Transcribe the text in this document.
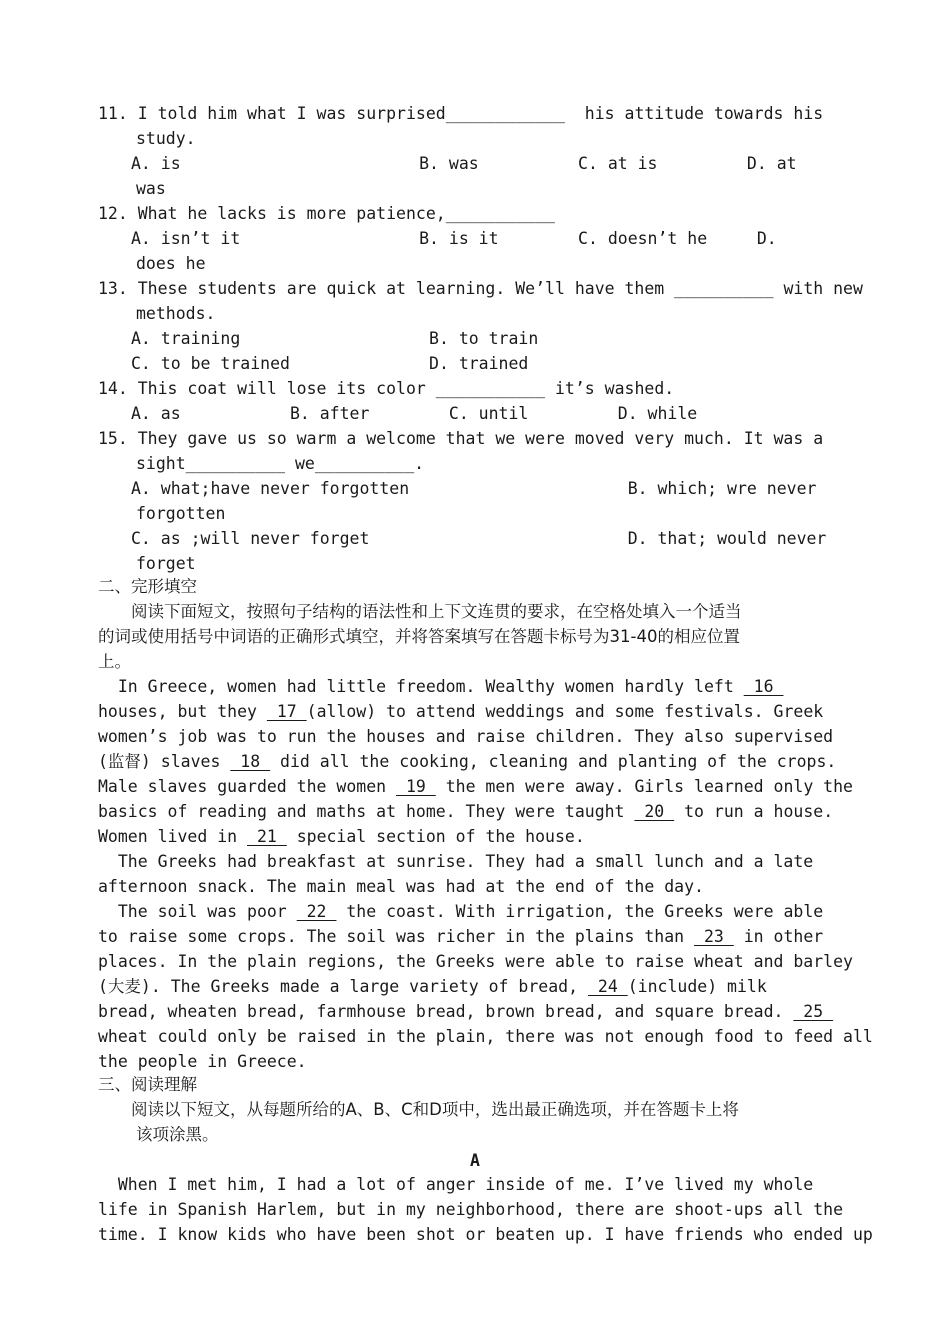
11. I told him what I was surprised____________  his attitude towards his
study.
A. is                        B. was          C. at is         D. at
was
12. What he lacks is more patience,___________
A. isn’t it                  B. is it        C. doesn’t he     D.
does he
13. These students are quick at learning. We’ll have them __________ with new
methods.
A. training                   B. to train
C. to be trained              D. trained
14. This coat will lose its color ___________ it’s washed.
A. as           B. after        C. until         D. while
15. They gave us so warm a welcome that we were moved very much. It was a
sight__________ we__________.
A. what;have never forgotten                      B. which; wre never
forgotten
C. as ;will never forget                          D. that; would never
forget
二、完形填空
阅读下面短文，按照句子结构的语法性和上下文连贯的要求，在空格处填入一个适当
的词或使用括号中词语的正确形式填空，并将答案填写在答题卡标号为31-40的相应位置
上。
In Greece, women had little freedom. Wealthy women hardly left  16
houses, but they  17 (allow) to attend weddings and some festivals. Greek
women’s job was to run the houses and raise children. They also supervised
(监督) slaves  18  did all the cooking, cleaning and planting of the crops.
Male slaves guarded the women  19  the men were away. Girls learned only the
basics of reading and maths at home. They were taught  20  to run a house.
Women lived in  21  special section of the house.
The Greeks had breakfast at sunrise. They had a small lunch and a late
afternoon snack. The main meal was had at the end of the day.
The soil was poor  22  the coast. With irrigation, the Greeks were able
to raise some crops. The soil was richer in the plains than  23  in other
places. In the plain regions, the Greeks were able to raise wheat and barley
(大麦). The Greeks made a large variety of bread,  24 (include) milk
bread, wheaten bread, farmhouse bread, brown bread, and square bread.  25
wheat could only be raised in the plain, there was not enough food to feed all
the people in Greece.
三、阅读理解
阅读以下短文，从每题所给的A、B、C和D项中，选出最正确选项，并在答题卡上将
该项涂黑。
A
When I met him, I had a lot of anger inside of me. I’ve lived my whole
life in Spanish Harlem, but in my neighborhood, there are shoot-ups all the
time. I know kids who have been shot or beaten up. I have friends who ended up
